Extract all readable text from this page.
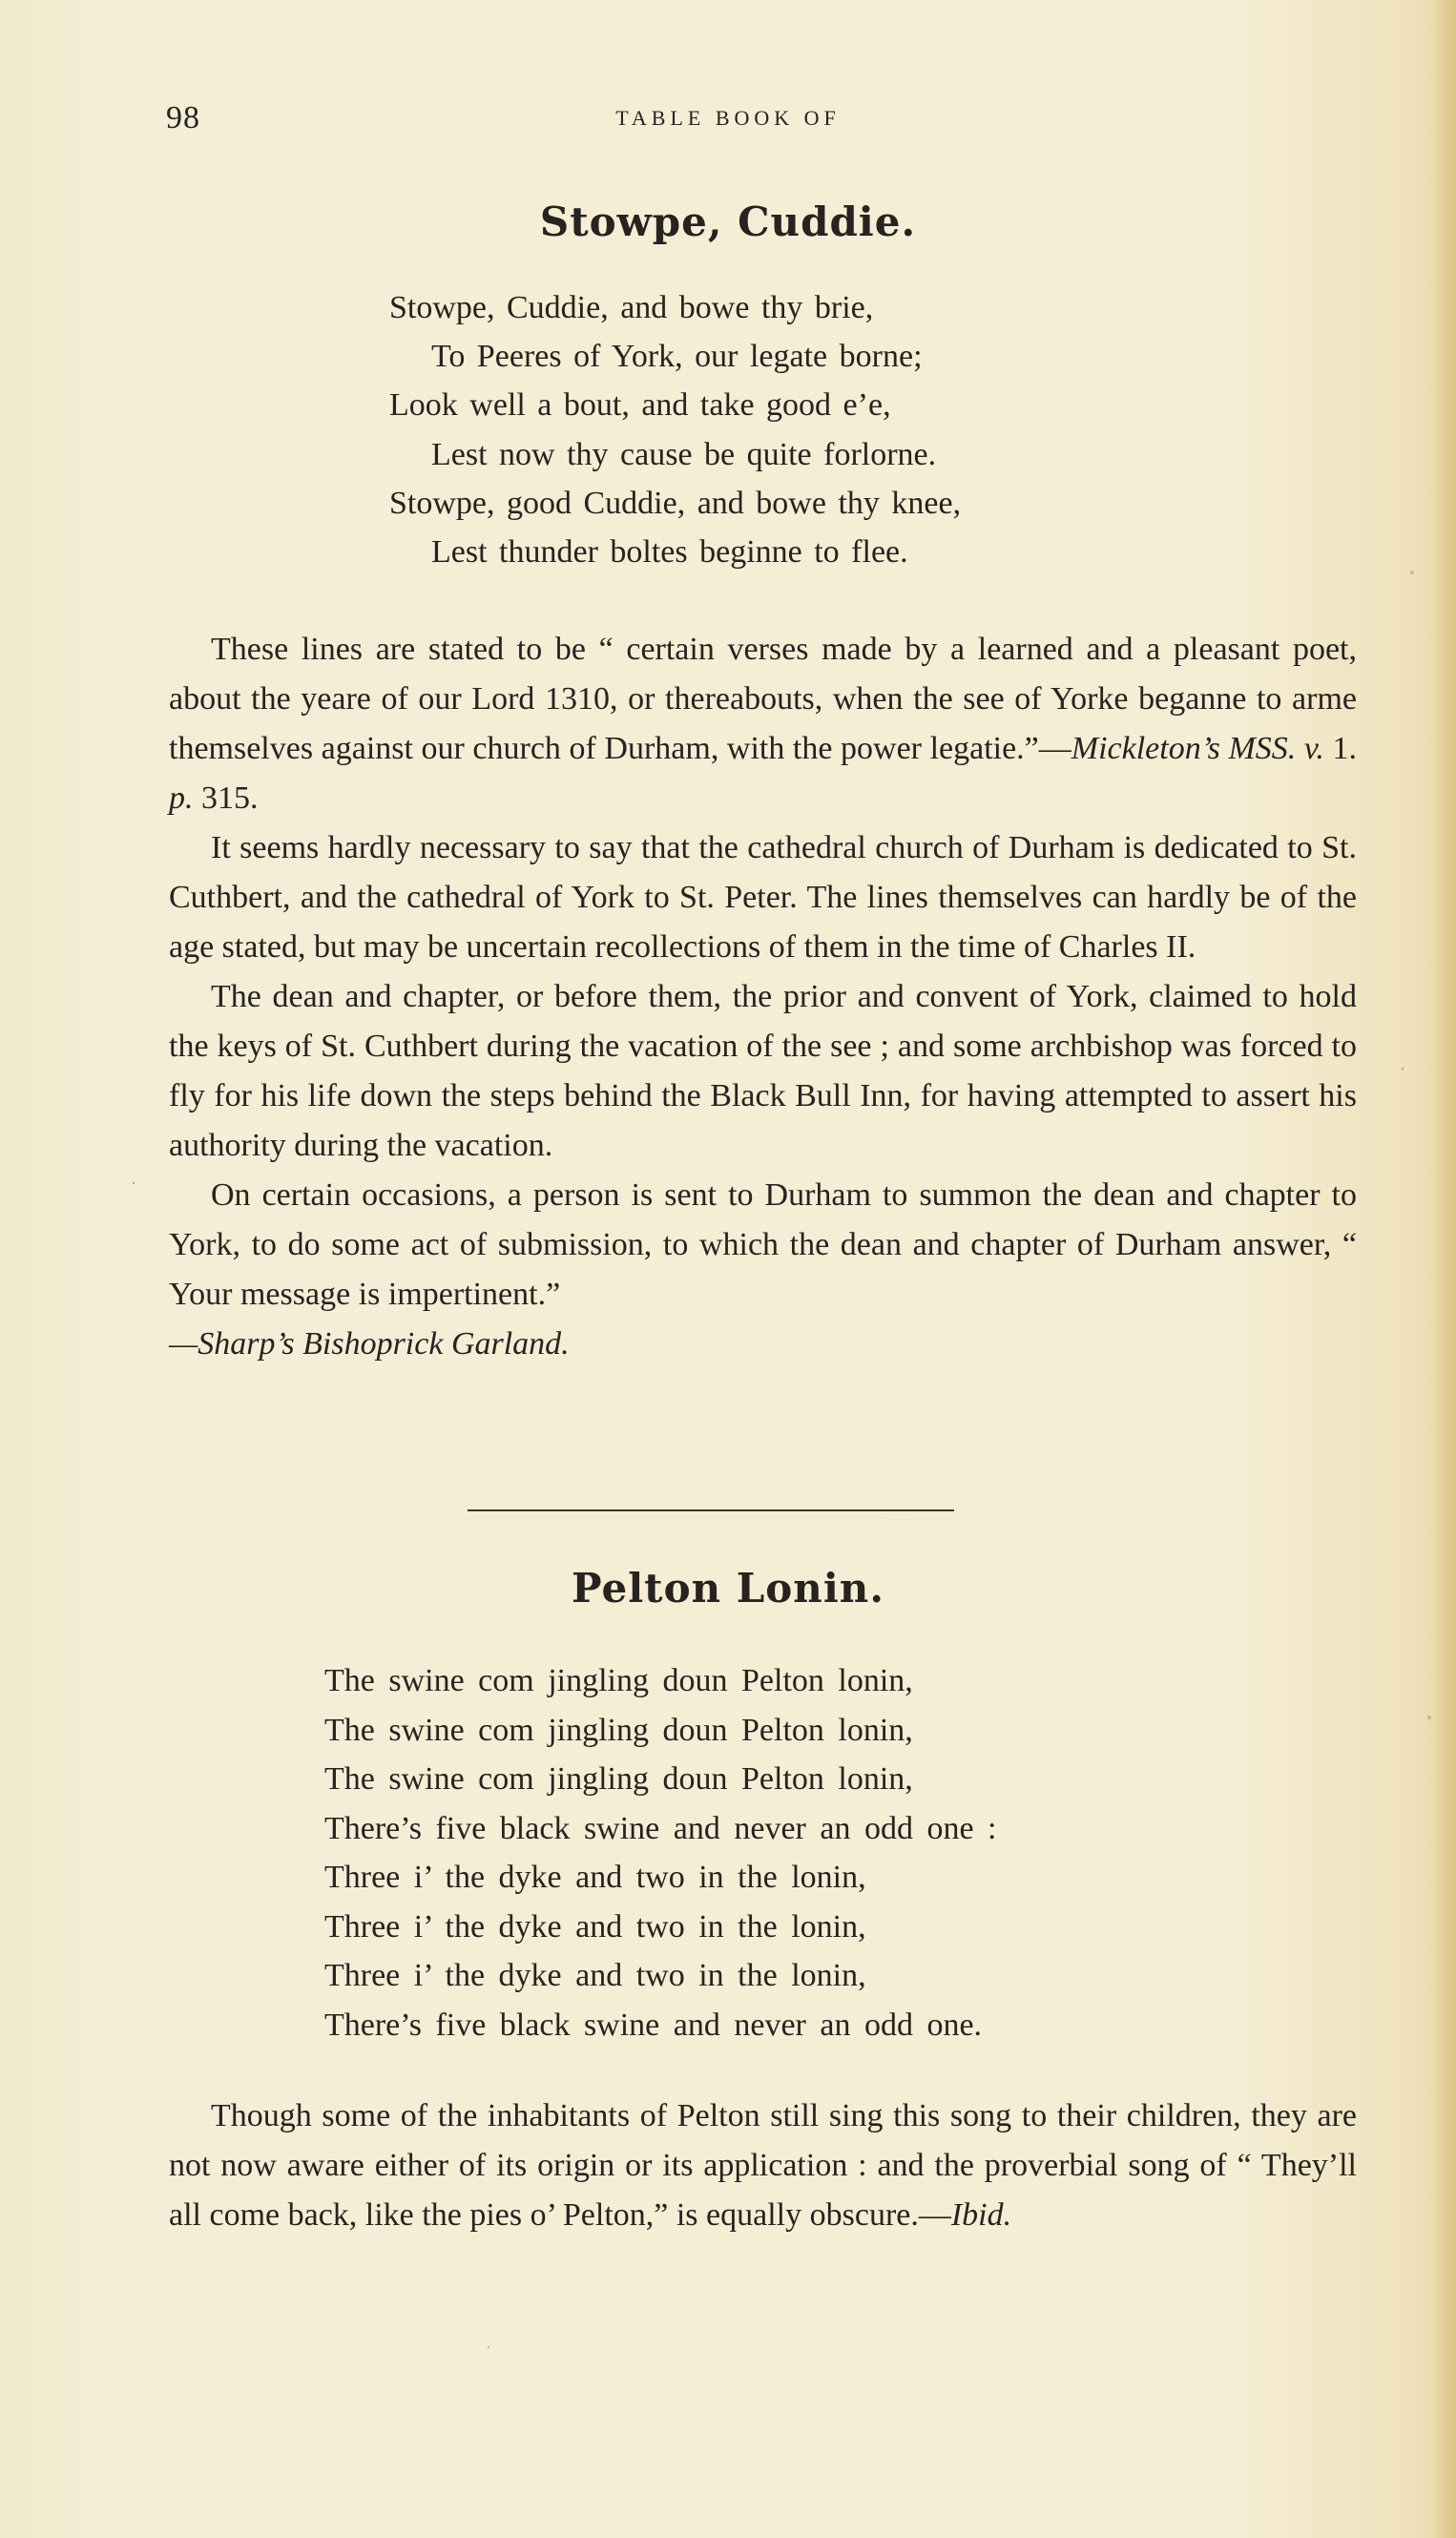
98	TABLE BOOK OF
Stowpe, Cuddie.
Stowpe, Cuddie, and bowe thy brie,
To Peeres of York, our legate borne;
Look well a bout, and take good e’e,
Lest now thy cause be quite forlorne.
Stowpe, good Cuddie, and bowe thy knee,
Lest thunder boltes beginne to flee.

These lines are stated to be “ certain verses made by a learned and a pleasant poet, about the yeare of our Lord 1310, or thereabouts, when the see of Yorke beganne to arme themselves against our church of Durham, with the power legatie.”—Mickleton’s MSS. v. 1. p. 315.

It seems hardly necessary to say that the cathedral church of Durham is dedicated to St. Cuthbert, and the cathedral of York to St. Peter. The lines themselves can hardly be of the age stated, but may be uncertain recollections of them in the time of Charles II.

The dean and chapter, or before them, the prior and convent of York, claimed to hold the keys of St. Cuthbert during the vacation of the see ; and some archbishop was forced to fly for his life down the steps behind the Black Bull Inn, for having attempted to assert his authority during the vacation.

On certain occasions, a person is sent to Durham to summon the dean and chapter to York, to do some act of submission, to which the dean and chapter of Durham answer, “ Your message is impertinent.”

—Sharp’s Bishoprick Garland.

Pelton Lonin.
The swine com jingling doun Pelton lonin,
The swine com jingling doun Pelton lonin,
The swine com jingling doun Pelton lonin,
There’s five black swine and never an odd one :
Three i’ the dyke and two in the lonin,
Three i’ the dyke and two in the lonin,
Three i’ the dyke and two in the lonin,
There’s five black swine and never an odd one.

Though some of the inhabitants of Pelton still sing this song to their children, they are not now aware either of its origin or its application : and the proverbial song of “ They’ll all come back, like the pies o’ Pelton,” is equally obscure.—Ibid.
